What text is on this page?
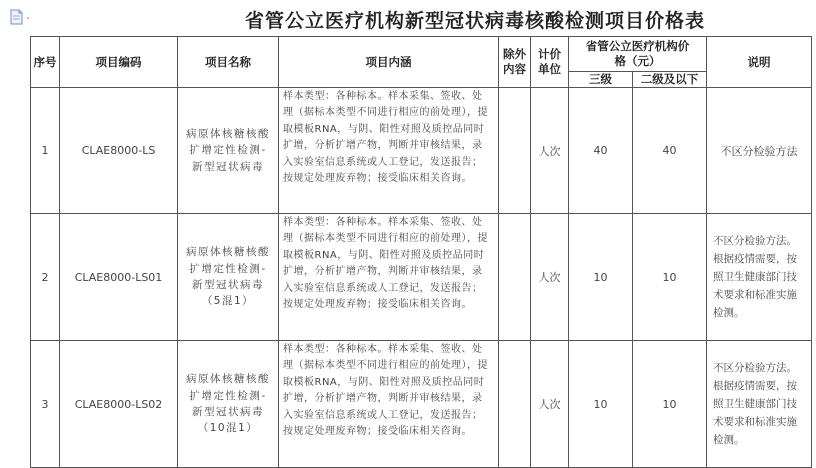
省管公立医疗机构新型冠状病毒核酸检测项目价格表
序号	项目编码	项目名称	项目内涵	除外内容	计价单位	省管公立医疗机构价格（元）		说明
						三级	二级及以下	
1	CLAE8000-LS	病原体核糖核酸扩增定性检测-新型冠状病毒	样本类型：各种标本。样本采集、签收、处理（据标本类型不同进行相应的前处理），提取模板RNA，与阴、阳性对照及质控品同时扩增，分析扩增产物，判断并审核结果，录入实验室信息系统或人工登记，发送报告；按规定处理废弃物；接受临床相关咨询。		人次	40	40	不区分检验方法
2	CLAE8000-LS01	病原体核糖核酸扩增定性检测-新型冠状病毒（5混1）	样本类型：各种标本。样本采集、签收、处理（据标本类型不同进行相应的前处理），提取模板RNA，与阴、阳性对照及质控品同时扩增，分析扩增产物，判断并审核结果，录入实验室信息系统或人工登记，发送报告；按规定处理废弃物；接受临床相关咨询。		人次	10	10	不区分检验方法。根据疫情需要，按照卫生健康部门技术要求和标准实施检测。
3	CLAE8000-LS02	病原体核糖核酸扩增定性检测-新型冠状病毒（10混1）	样本类型：各种标本。样本采集、签收、处理（据标本类型不同进行相应的前处理），提取模板RNA，与阴、阳性对照及质控品同时扩增，分析扩增产物，判断并审核结果，录入实验室信息系统或人工登记，发送报告；按规定处理废弃物；接受临床相关咨询。		人次	10	10	不区分检验方法。根据疫情需要，按照卫生健康部门技术要求和标准实施检测。
